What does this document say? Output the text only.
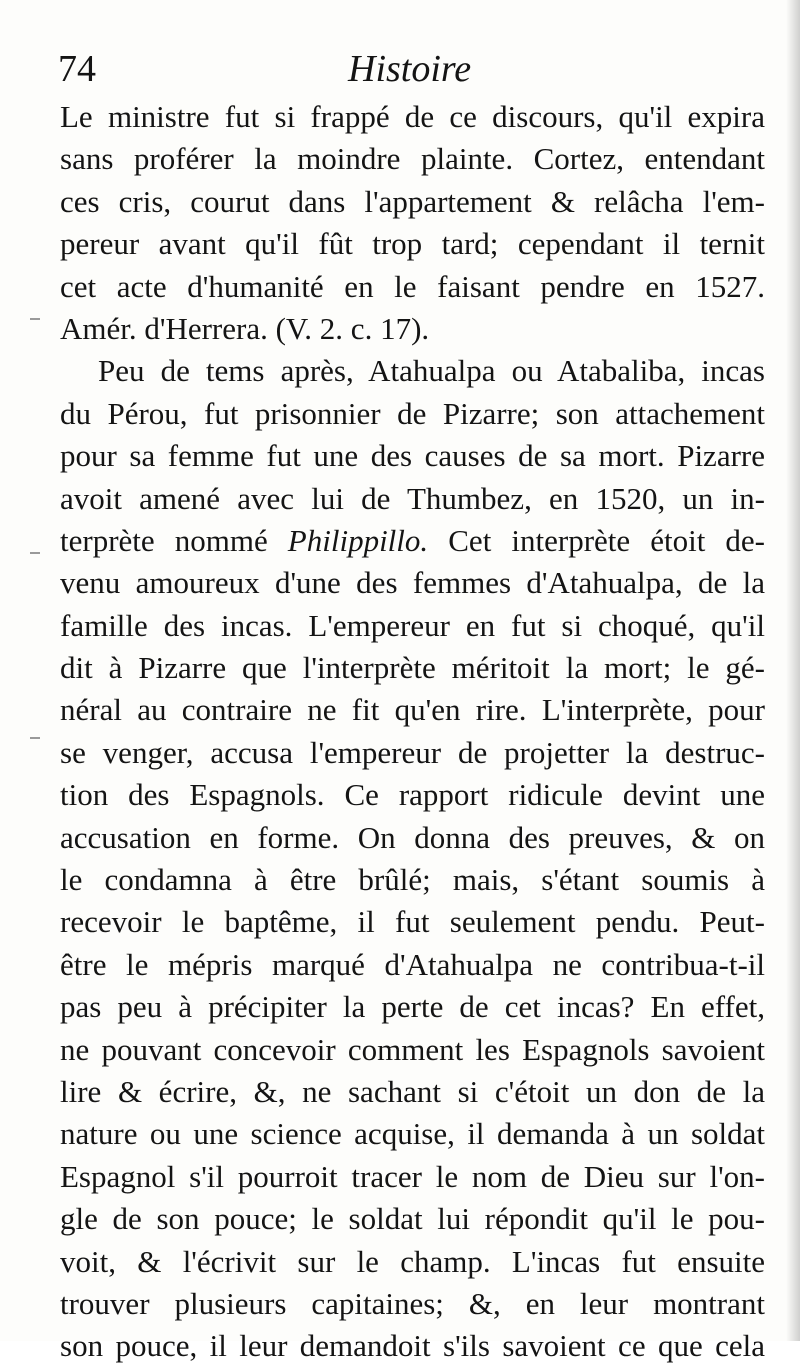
74	Histoire
Le ministre fut si frappé de ce discours, qu'il expira
sans proférer la moindre plainte. Cortez, entendant
ces cris, courut dans l'appartement & relâcha l'em-
pereur avant qu'il fût trop tard; cependant il ternit
cet acte d'humanité en le faisant pendre en 1527.
Amér. d'Herrera. (V. 2. c. 17).
Peu de tems après, Atahualpa ou Atabaliba, incas
du Pérou, fut prisonnier de Pizarre; son attachement
pour sa femme fut une des causes de sa mort. Pizarre
avoit amené avec lui de Thumbez, en 1520, un in-
terprète nommé Philippillo. Cet interprète étoit de-
venu amoureux d'une des femmes d'Atahualpa, de la
famille des incas. L'empereur en fut si choqué, qu'il
dit à Pizarre que l'interprète méritoit la mort; le gé-
néral au contraire ne fit qu'en rire. L'interprète, pour
se venger, accusa l'empereur de projetter la destruc-
tion des Espagnols. Ce rapport ridicule devint une
accusation en forme. On donna des preuves, & on
le condamna à être brûlé; mais, s'étant soumis à
recevoir le baptême, il fut seulement pendu. Peut-
être le mépris marqué d'Atahualpa ne contribua-t-il
pas peu à précipiter la perte de cet incas? En effet,
ne pouvant concevoir comment les Espagnols savoient
lire & écrire, &, ne sachant si c'étoit un don de la
nature ou une science acquise, il demanda à un soldat
Espagnol s'il pourroit tracer le nom de Dieu sur l'on-
gle de son pouce; le soldat lui répondit qu'il le pou-
voit, & l'écrivit sur le champ. L'incas fut ensuite
trouver plusieurs capitaines; &, en leur montrant
son pouce, il leur demandoit s'ils savoient ce que cela
